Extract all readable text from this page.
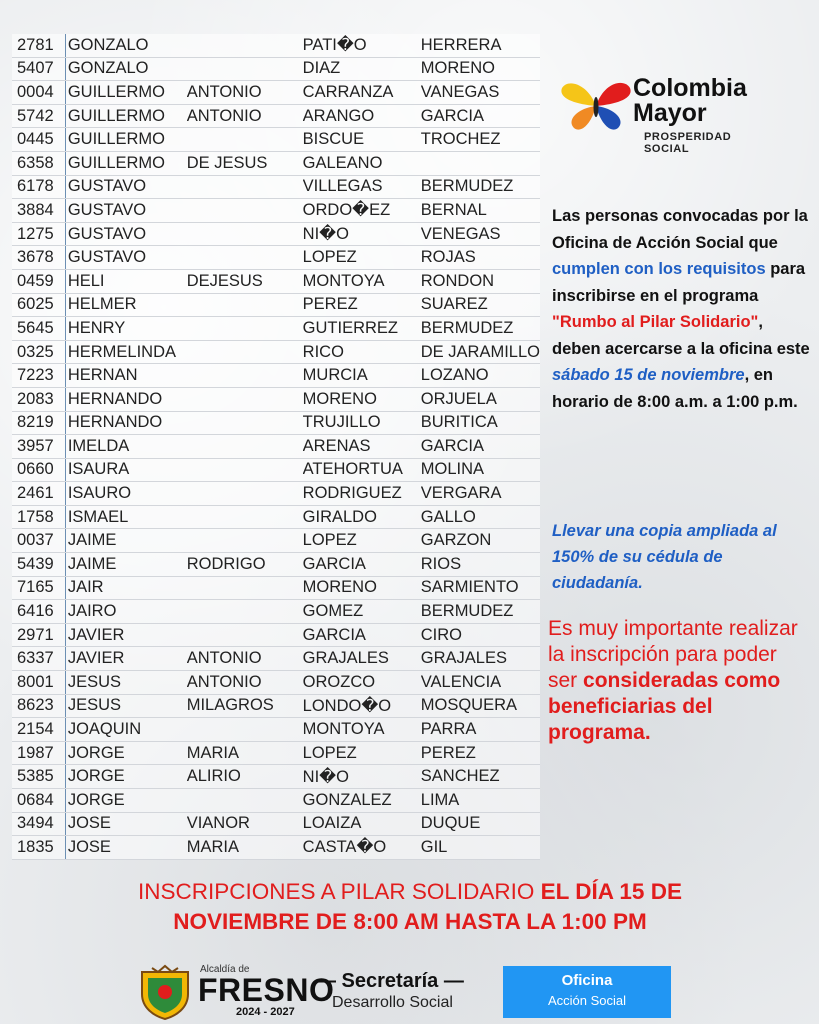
2781	GONZALO		PATI�O	HERRERA
5407	GONZALO		DIAZ	MORENO
0004	GUILLERMO	ANTONIO	CARRANZA	VANEGAS
5742	GUILLERMO	ANTONIO	ARANGO	GARCIA
0445	GUILLERMO		BISCUE	TROCHEZ
6358	GUILLERMO	DE JESUS	GALEANO	
6178	GUSTAVO		VILLEGAS	BERMUDEZ
3884	GUSTAVO		ORDO�EZ	BERNAL
1275	GUSTAVO		NI�O	VENEGAS
3678	GUSTAVO		LOPEZ	ROJAS
0459	HELI	DEJESUS	MONTOYA	RONDON
6025	HELMER		PEREZ	SUAREZ
5645	HENRY		GUTIERREZ	BERMUDEZ
0325	HERMELINDA		RICO	DE JARAMILLO
7223	HERNAN		MURCIA	LOZANO
2083	HERNANDO		MORENO	ORJUELA
8219	HERNANDO		TRUJILLO	BURITICA
3957	IMELDA		ARENAS	GARCIA
0660	ISAURA		ATEHORTUA	MOLINA
2461	ISAURO		RODRIGUEZ	VERGARA
1758	ISMAEL		GIRALDO	GALLO
0037	JAIME		LOPEZ	GARZON
5439	JAIME	RODRIGO	GARCIA	RIOS
7165	JAIR		MORENO	SARMIENTO
6416	JAIRO		GOMEZ	BERMUDEZ
2971	JAVIER		GARCIA	CIRO
6337	JAVIER	ANTONIO	GRAJALES	GRAJALES
8001	JESUS	ANTONIO	OROZCO	VALENCIA
8623	JESUS	MILAGROS	LONDO�O	MOSQUERA
2154	JOAQUIN		MONTOYA	PARRA
1987	JORGE	MARIA	LOPEZ	PEREZ
5385	JORGE	ALIRIO	NI�O	SANCHEZ
0684	JORGE		GONZALEZ	LIMA
3494	JOSE	VIANOR	LOAIZA	DUQUE
1835	JOSE	MARIA	CASTA�O	GIL
Colombia
Mayor
PROSPERIDAD SOCIAL
Las personas convocadas por la Oficina de Acción Social que cumplen con los requisitos para inscribirse en el programa "Rumbo al Pilar Solidario", deben acercarse a la oficina este sábado 15 de noviembre, en horario de 8:00 a.m. a 1:00 p.m.
Llevar una copia ampliada al 150% de su cédula de ciudadanía.
Es muy importante realizar la inscripción para poder ser consideradas como beneficiarias del programa.
INSCRIPCIONES A PILAR SOLIDARIO EL DÍA 15 DE
NOVIEMBRE DE 8:00 AM HASTA LA 1:00 PM
Alcaldía de
FRESNO
2024 - 2027
— Secretaría —
Desarrollo Social
Oficina
Acción Social
